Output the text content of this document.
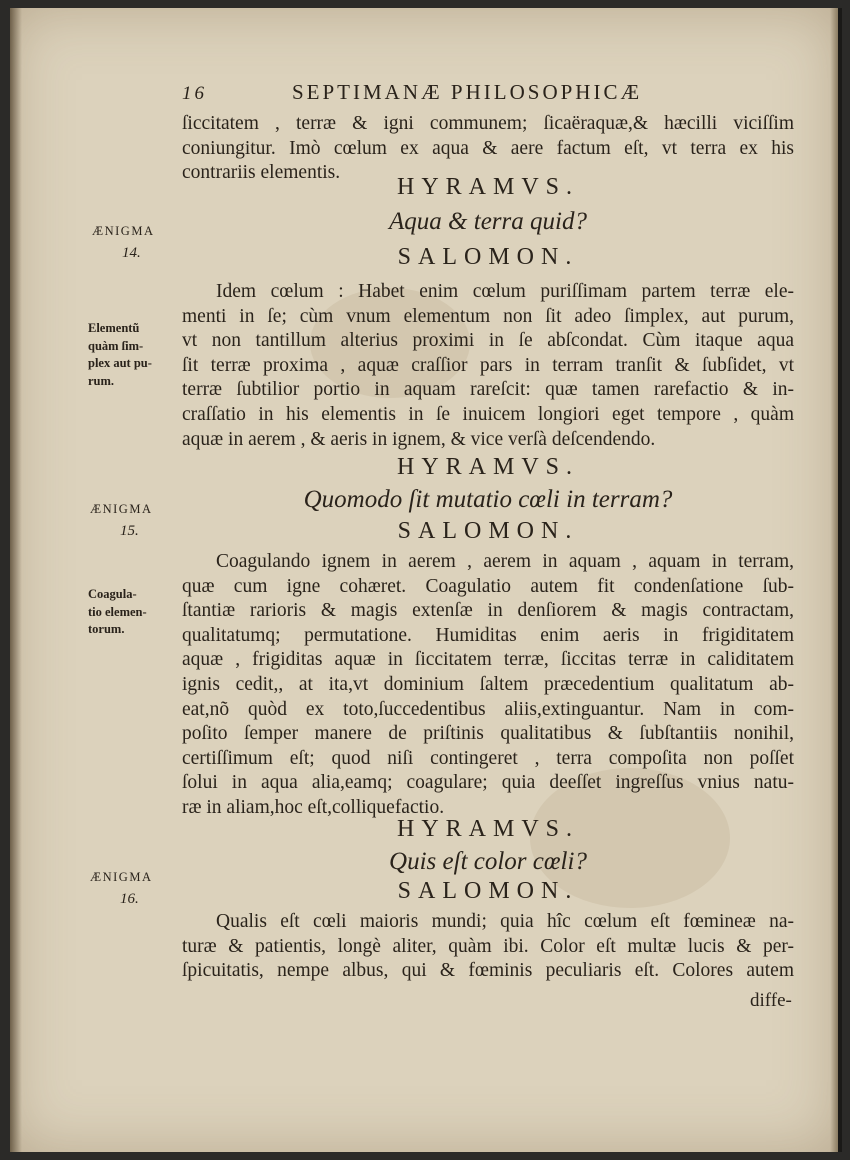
16	SEPTIMANÆ PHILOSOPHICÆ
ſiccitatem , terræ & igni communem; ſicaëraquæ,& hæcilli viciſſim
coniungitur. Imò cœlum ex aqua & aere factum eſt, vt terra ex his
contrariis elementis.
HYRAMVS.
Aqua & terra quid?
SALOMON.
ÆNIGMA
14.
Elementũ
quàm ſim-
plex aut pu-
rum.
Idem cœlum : Habet enim cœlum puriſſimam partem terræ ele-
menti in ſe; cùm vnum elementum non ſit adeo ſimplex, aut purum,
vt non tantillum alterius proximi in ſe abſcondat. Cùm itaque aqua
ſit terræ proxima , aquæ craſſior pars in terram tranſit & ſubſidet, vt
terræ ſubtilior portio in aquam rareſcit: quæ tamen rarefactio & in-
craſſatio in his elementis in ſe inuicem longiori eget tempore , quàm
aquæ in aerem , & aeris in ignem, & vice verſà deſcendendo.
HYRAMVS.
Quomodo ſit mutatio cœli in terram?
SALOMON.
ÆNIGMA
15.
Coagula-
tio elemen-
torum.
Coagulando ignem in aerem , aerem in aquam , aquam in terram,
quæ cum igne cohæret. Coagulatio autem fit condenſatione ſub-
ſtantiæ rarioris & magis extenſæ in denſiorem & magis contractam,
qualitatumq; permutatione. Humiditas enim aeris in frigiditatem
aquæ , frigiditas aquæ in ſiccitatem terræ, ſiccitas terræ in caliditatem
ignis cedit,, at ita,vt dominium ſaltem præcedentium qualitatum ab-
eat,nõ quòd ex toto,ſuccedentibus aliis,extinguantur. Nam in com-
poſito ſemper manere de priſtinis qualitatibus & ſubſtantiis nonihil,
certiſſimum eſt; quod niſi contingeret , terra compoſita non poſſet
ſolui in aqua alia,eamq; coagulare; quia deeſſet ingreſſus vnius natu-
ræ in aliam,hoc eſt,colliquefactio.
HYRAMVS.
Quis eſt color cœli?
SALOMON.
ÆNIGMA
16.
Qualis eſt cœli maioris mundi; quia hîc cœlum eſt fœmineæ na-
turæ & patientis, longè aliter, quàm ibi. Color eſt multæ lucis & per-
ſpicuitatis, nempe albus, qui & fœminis peculiaris eſt. Colores autem
diffe-
